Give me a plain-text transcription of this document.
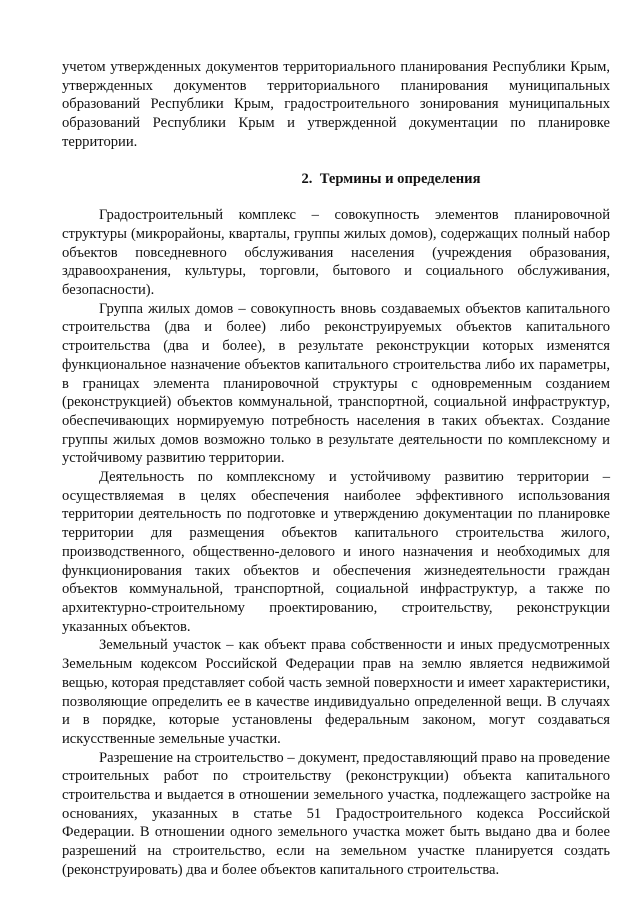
учетом утвержденных документов территориального планирования Республики Крым, утвержденных документов территориального планирования муниципальных образований Республики Крым, градостроительного зонирования муниципальных образований Республики Крым и утвержденной документации по планировке территории.

2. Термины и определения

Градостроительный комплекс – совокупность элементов планировочной структуры (микрорайоны, кварталы, группы жилых домов), содержащих полный набор объектов повседневного обслуживания населения (учреждения образования, здравоохранения, культуры, торговли, бытового и социального обслуживания, безопасности).

Группа жилых домов – совокупность вновь создаваемых объектов капитального строительства (два и более) либо реконструируемых объектов капитального строительства (два и более), в результате реконструкции которых изменятся функциональное назначение объектов капитального строительства либо их параметры, в границах элемента планировочной структуры с одновременным созданием (реконструкцией) объектов коммунальной, транспортной, социальной инфраструктур, обеспечивающих нормируемую потребность населения в таких объектах. Создание группы жилых домов возможно только в результате деятельности по комплексному и устойчивому развитию территории.

Деятельность по комплексному и устойчивому развитию территории – осуществляемая в целях обеспечения наиболее эффективного использования территории деятельность по подготовке и утверждению документации по планировке территории для размещения объектов капитального строительства жилого, производственного, общественно-делового и иного назначения и необходимых для функционирования таких объектов и обеспечения жизнедеятельности граждан объектов коммунальной, транспортной, социальной инфраструктур, а также по архитектурно-строительному проектированию, строительству, реконструкции указанных объектов.

Земельный участок – как объект права собственности и иных предусмотренных Земельным кодексом Российской Федерации прав на землю является недвижимой вещью, которая представляет собой часть земной поверхности и имеет характеристики, позволяющие определить ее в качестве индивидуально определенной вещи. В случаях и в порядке, которые установлены федеральным законом, могут создаваться искусственные земельные участки.

Разрешение на строительство – документ, предоставляющий право на проведение строительных работ по строительству (реконструкции) объекта капитального строительства и выдается в отношении земельного участка, подлежащего застройке на основаниях, указанных в статье 51 Градостроительного кодекса Российской Федерации. В отношении одного земельного участка может быть выдано два и более разрешений на строительство, если на земельном участке планируется создать (реконструировать) два и более объектов капитального строительства.
